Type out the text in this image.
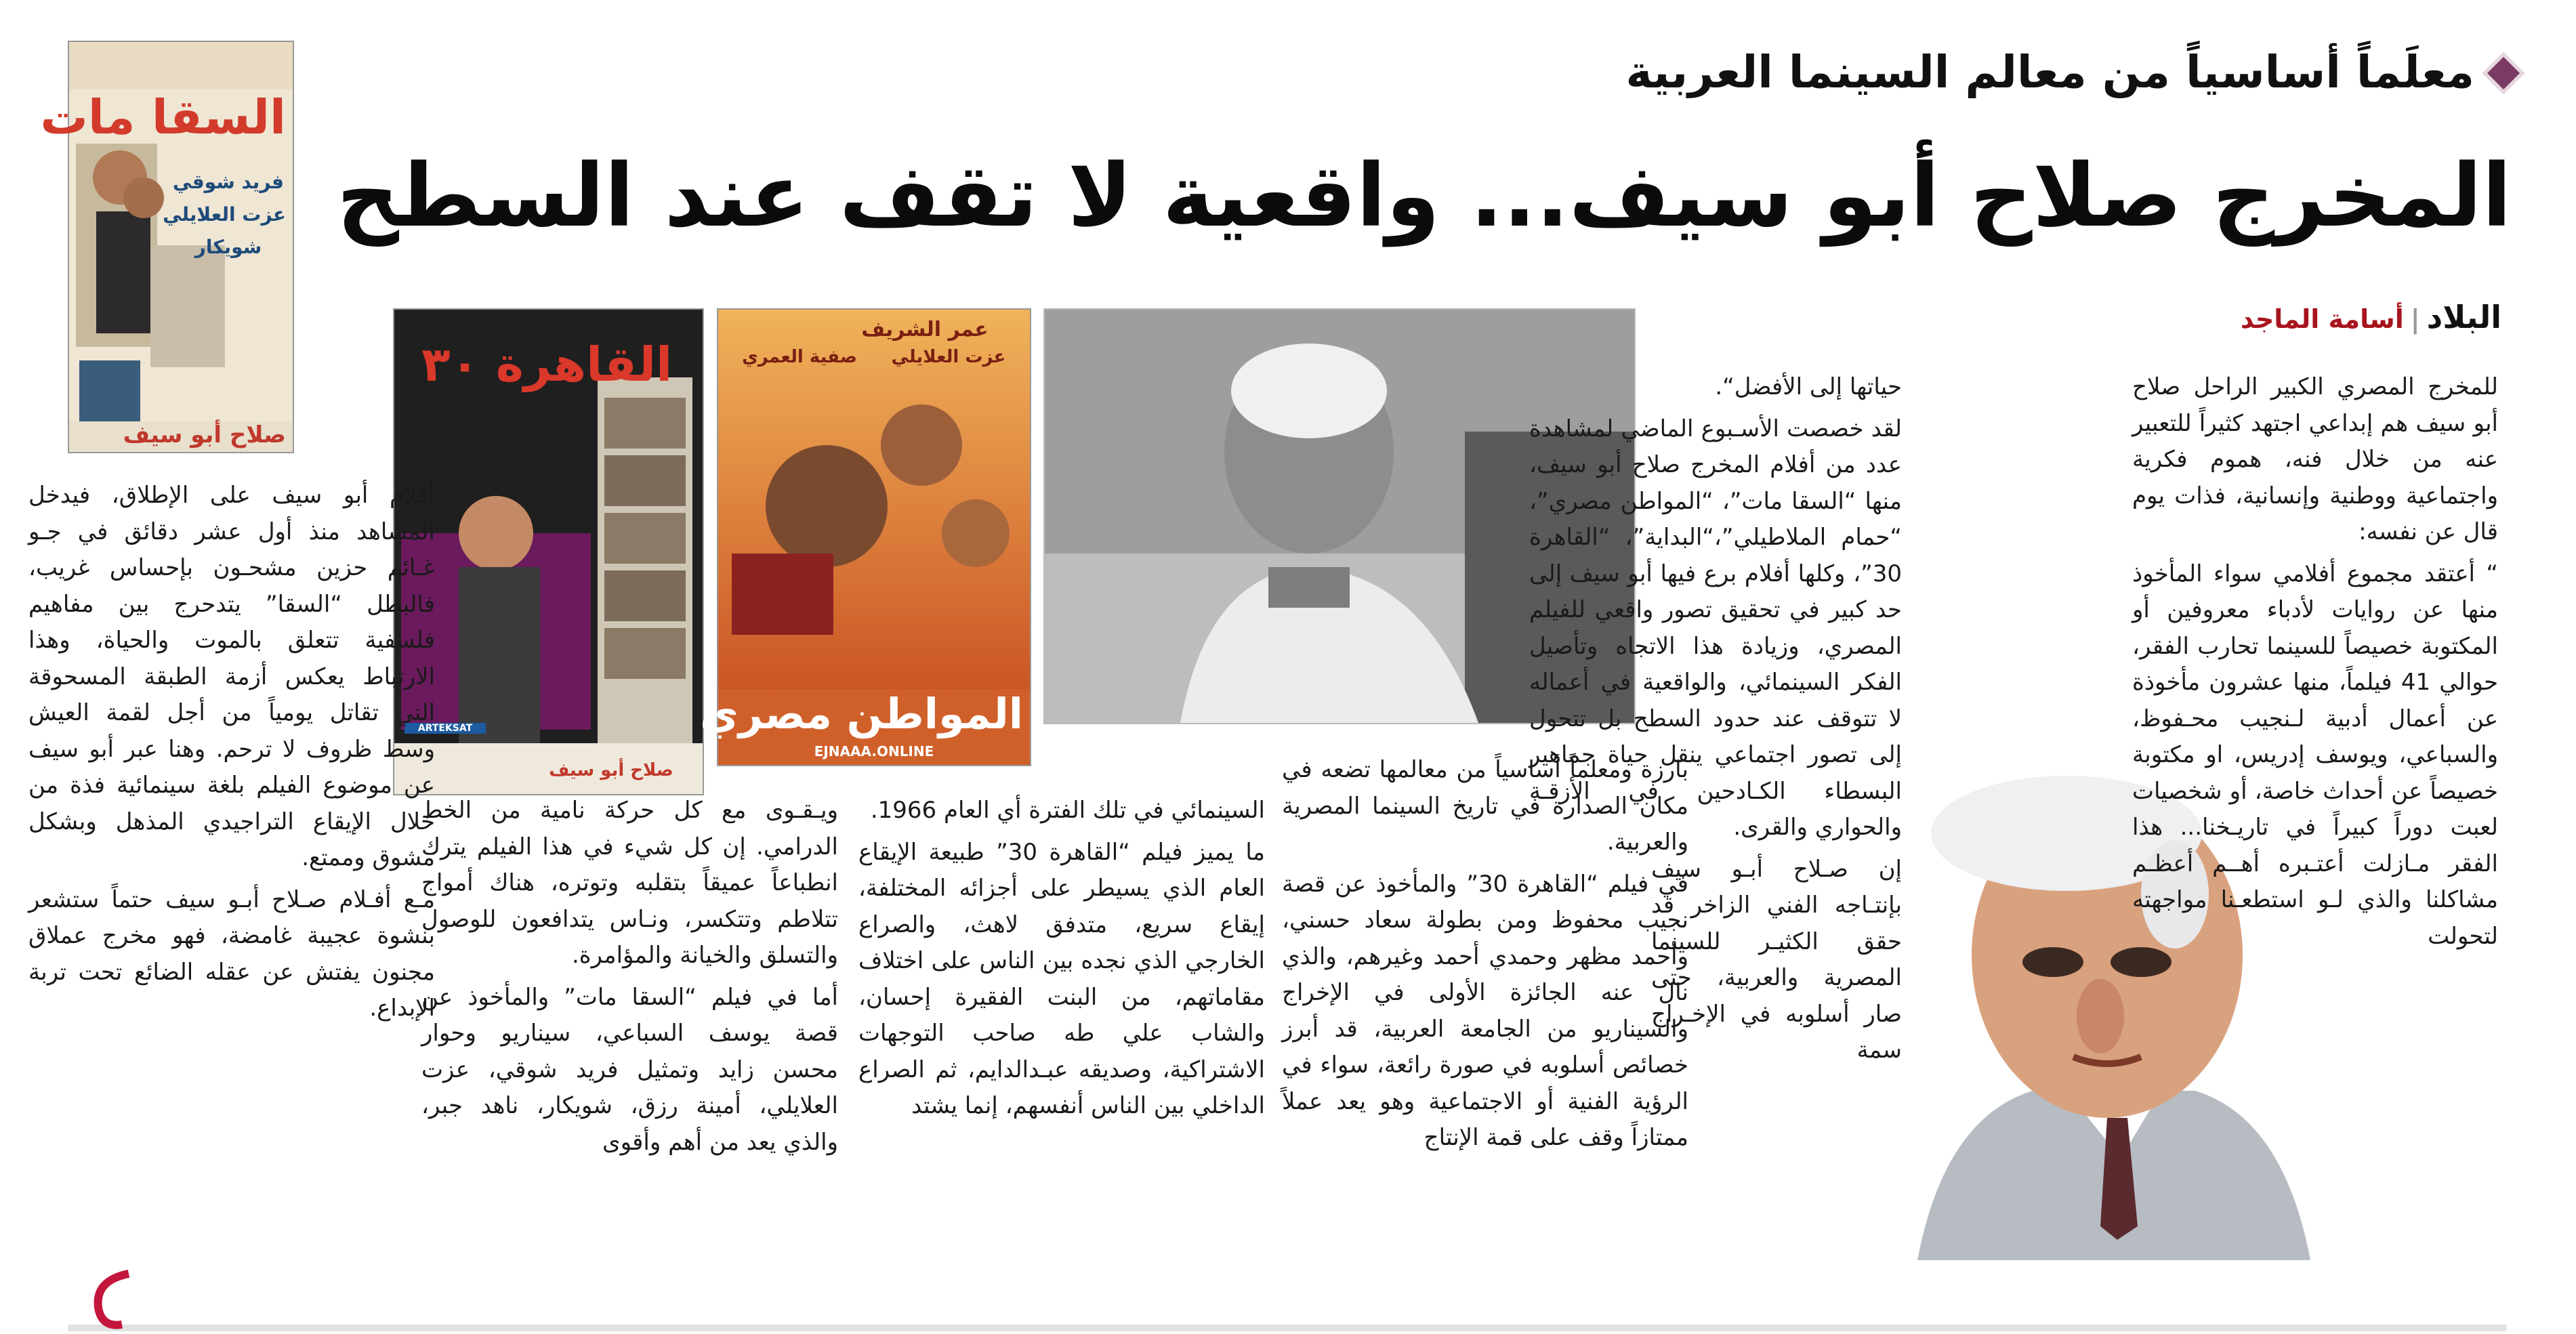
معلَماً أساسياً من معالم السينما العربية
المخرج صلاح أبو سيف... واقعية لا تقف عند السطح
البلاد|أسامة الماجد
السقا مات
فريد شوقي
عزت العلايلي
شويكار
صلاح أبو سيف
القاهرة ٣٠
ARTEKSAT
صلاح أبو سيف
عمر الشريف
عزت العلايلي
صفية العمري
المواطن مصري
EJNAAA.ONLINE

للمخرج المصري الكبير الراحل صلاح أبو سيف هم إبداعي اجتهد كثيراً للتعبير عنه من خلال فنه، هموم فكرية واجتماعية ووطنية وإنسانية، فذات يوم قال عن نفسه:

“ أعتقد مجموع أفلامي سواء المأخوذ منها عن روايات لأدباء معروفين أو المكتوبة خصيصاً للسينما تحارب الفقر، حوالي 41 فيلماً، منها عشرون مأخوذة عن أعمال أدبية لـنجيب محـفوظ، والسباعي، ويوسف إدريس، او مكتوبة خصيصاً عن أحداث خاصة، أو شخصيات لعبت دوراً كبيراً في تاريـخنا... هذا الفقر مـازلت أعتـبره أهــم أعظـم مشاكلنا والذي لـو استطعـنا مواجهته لتحولت

حياتها إلى الأفضل“.

لقد خصصت الأسـبوع الماضي لمشاهدة عدد من أفلام المخرج صلاح أبو سيف، منها “السقا مات”، “المواطن مصري”، “حمام الملاطيلي”،“البداية”، “القاهرة 30”، وكلها أفلام برع فيها أبو سيف إلى حد كبير في تحقيق تصور واقعي للفيلم المصري، وزيادة هذا الاتجاه وتأصيل الفكر السينمائي، والواقعية في أعماله لا تتوقف عند حدود السطح بل تتحول إلى تصور اجتماعي ينقل حياة جماهير البسطاء الكـادحين في الأزقـة والحواري والقرى.

إن صـلاح أبـو سيف بإنتـاجه الفني الزاخر قد حقق الكثيـر للسينما المصرية والعربية، حتى صار أسلوبه في الإخـراج سمة

بارزة ومعلماً أساسياً من معالمها تضعه في مكان الصدارة في تاريخ السينما المصرية والعربية.

في فيلم “القاهرة 30” والمأخوذ عن قصة نجيب محفوظ ومن بطولة سعاد حسني، وأحمد مظهر وحمدي أحمد وغيرهم، والذي نال عنه الجائزة الأولى في الإخراج والسيناريو من الجامعة العربية، قد أبرز خصائص أسلوبه في صورة رائعة، سواء في الرؤية الفنية أو الاجتماعية وهو يعد عملاً ممتازاً وقف على قمة الإنتاج

السينمائي في تلك الفترة أي العام 1966.

ما يميز فيلم “القاهرة 30” طبيعة الإيقاع العام الذي يسيطر على أجزائه المختلفة، إيقاع سريع، متدفق لاهث، والصراع الخارجي الذي نجده بين الناس على اختلاف مقاماتهم، من البنت الفقيرة إحسان، والشاب علي طه صاحب التوجهات الاشتراكية، وصديقه عبـدالدايم، ثم الصراع الداخلي بين الناس أنفسهم، إنما يشتد

ويـقـوى مع كل حركة نامية من الخط الدرامي. إن كل شيء في هذا الفيلم يترك انطباعاً عميقاً بتقلبه وتوتره، هناك أمواج تتلاطم وتتكسر، ونـاس يتدافعون للوصول والتسلق والخيانة والمؤامرة.

أما في فيلم “السقا مات” والمأخوذ عن قصة يوسف السباعي، سيناريو وحوار محسن زايد وتمثيل فريد شوقي، عزت العلايلي، أمينة رزق، شويكار، ناهد جبر، والذي يعد من أهم وأقوى

أفلام أبو سيف على الإطلاق، فيدخل المشاهد منذ أول عشر دقائق في جـو غـائم حزين مشحـون بإحساس غريب، فالبطل “السقا” يتدحرج بين مفاهيم فلسفية تتعلق بالموت والحياة، وهذا الارتباط يعكس أزمة الطبقة المسحوقة التي تقاتل يومياً من أجل لقمة العيش وسط ظروف لا ترحم. وهنا عبر أبو سيف عن موضوع الفيلم بلغة سينمائية فذة من خلال الإيقاع التراجيدي المذهل وبشكل مشوق وممتع.

مـع أفـلام صـلاح أبـو سيف حتماً ستشعر بنشوة عجيبة غامضة، فهو مخرج عملاق مجنون يفتش عن عقله الضائع تحت تربة الإبداع.
